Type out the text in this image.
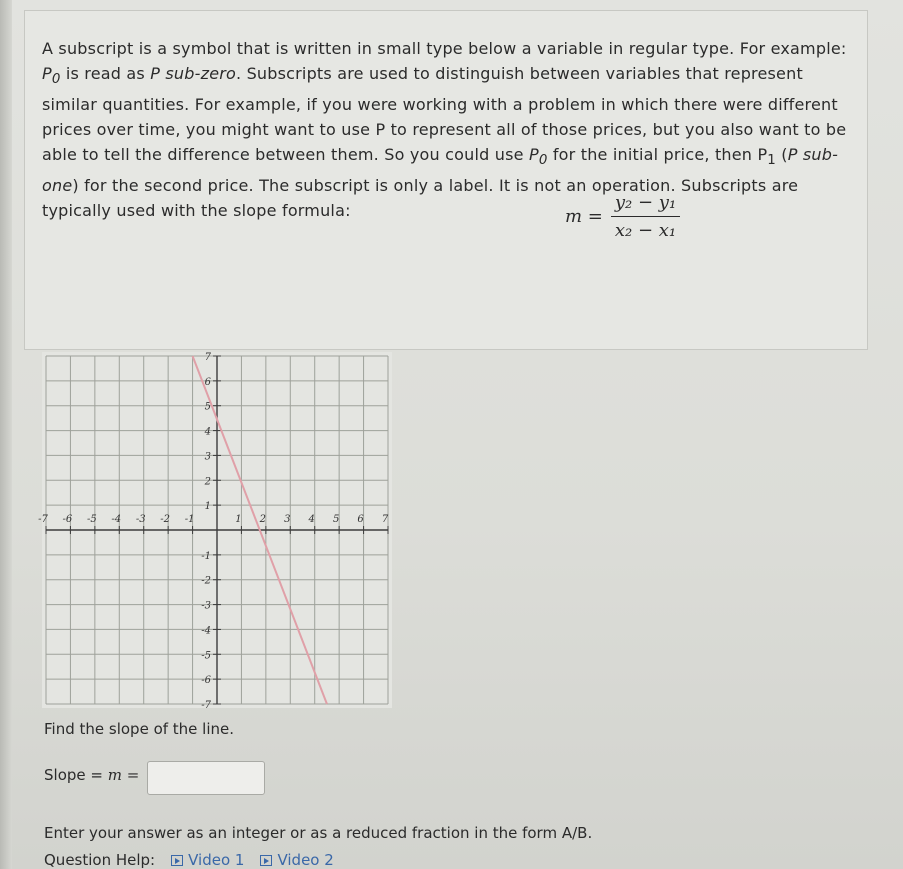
A subscript is a symbol that is written in small type below a variable in regular type. For example: $P_0$ is read as P sub-zero. Subscripts are used to distinguish between variables that represent similar quantities. For example, if you were working with a problem in which there were different prices over time, you might want to use P to represent all of those prices, but you also want to be able to tell the difference between them. So you could use $P_0$ for the initial price, then $P_1$ (P sub-one) for the second price. The subscript is only a label. It is not an operation. Subscripts are typically used with the slope formula:	$m = \frac{\text{y₂ − y₁}}{\text{x₂ − x₁}}$
-7 -6 -5 -4 -3 -2 -1	1 2 3 4 5 6 7
7
6
5
4
3
2
1
-1
-2
-3
-4
-5
-6
-7
Find the slope of the line.
Slope = m =
Enter your answer as an integer or as a reduced fraction in the form A/B.
Question Help: Video 1 Video 2
